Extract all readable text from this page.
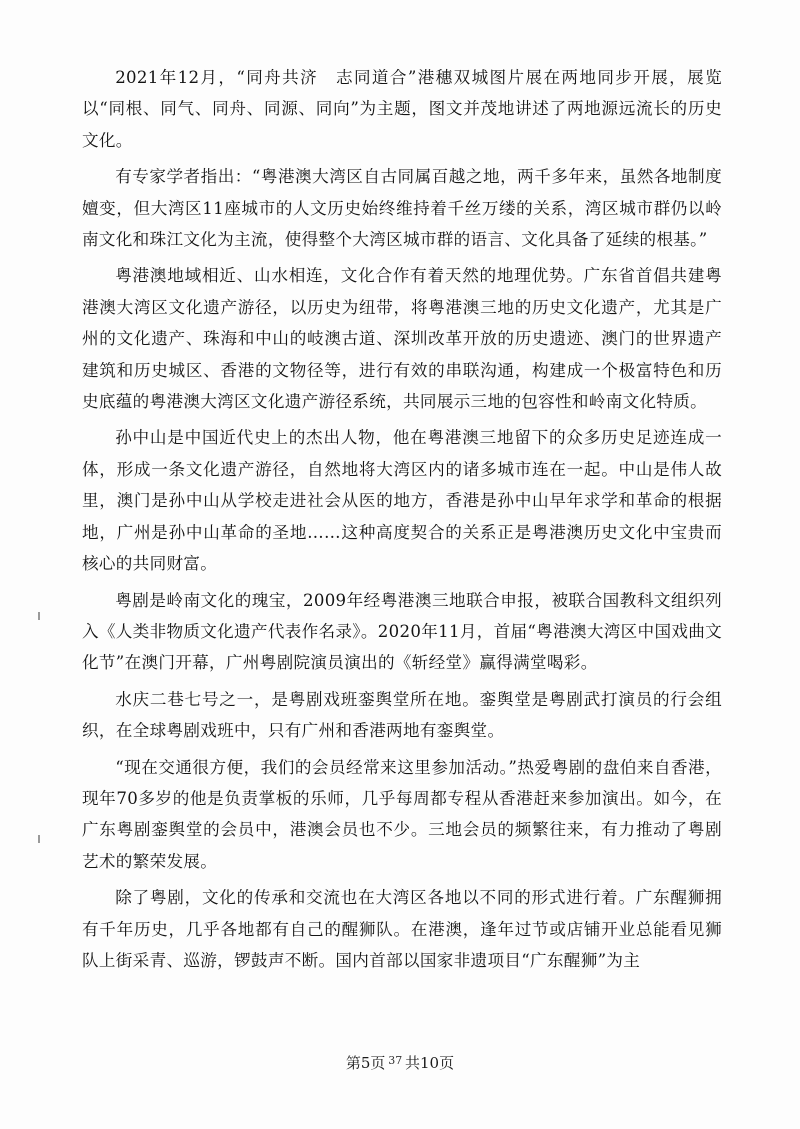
2021年12月，“同舟共济　志同道合”港穗双城图片展在两地同步开展，展览以“同根、同气、同舟、同源、同向”为主题，图文并茂地讲述了两地源远流长的历史文化。

有专家学者指出：“粤港澳大湾区自古同属百越之地，两千多年来，虽然各地制度嬗变，但大湾区11座城市的人文历史始终维持着千丝万缕的关系，湾区城市群仍以岭南文化和珠江文化为主流，使得整个大湾区城市群的语言、文化具备了延续的根基。”

粤港澳地域相近、山水相连，文化合作有着天然的地理优势。广东省首倡共建粤港澳大湾区文化遗产游径，以历史为纽带，将粤港澳三地的历史文化遗产，尤其是广州的文化遗产、珠海和中山的岐澳古道、深圳改革开放的历史遗迹、澳门的世界遗产建筑和历史城区、香港的文物径等，进行有效的串联沟通，构建成一个极富特色和历史底蕴的粤港澳大湾区文化遗产游径系统，共同展示三地的包容性和岭南文化特质。

孙中山是中国近代史上的杰出人物，他在粤港澳三地留下的众多历史足迹连成一体，形成一条文化遗产游径，自然地将大湾区内的诸多城市连在一起。中山是伟人故里，澳门是孙中山从学校走进社会从医的地方，香港是孙中山早年求学和革命的根据地，广州是孙中山革命的圣地……这种高度契合的关系正是粤港澳历史文化中宝贵而核心的共同财富。

粤剧是岭南文化的瑰宝，2009年经粤港澳三地联合申报，被联合国教科文组织列入《人类非物质文化遗产代表作名录》。2020年11月，首届“粤港澳大湾区中国戏曲文化节”在澳门开幕，广州粤剧院演员演出的《斩经堂》赢得满堂喝彩。

水庆二巷七号之一，是粤剧戏班銮舆堂所在地。銮舆堂是粤剧武打演员的行会组织，在全球粤剧戏班中，只有广州和香港两地有銮舆堂。

“现在交通很方便，我们的会员经常来这里参加活动。”热爱粤剧的盘伯来自香港，现年70多岁的他是负责掌板的乐师，几乎每周都专程从香港赶来参加演出。如今，在广东粤剧銮舆堂的会员中，港澳会员也不少。三地会员的频繁往来，有力推动了粤剧艺术的繁荣发展。

除了粤剧，文化的传承和交流也在大湾区各地以不同的形式进行着。广东醒狮拥有千年历史，几乎各地都有自己的醒狮队。在港澳，逢年过节或店铺开业总能看见狮队上街采青、巡游，锣鼓声不断。国内首部以国家非遗项目“广东醒狮”为主

第5页 $^{37}$ 共10页
